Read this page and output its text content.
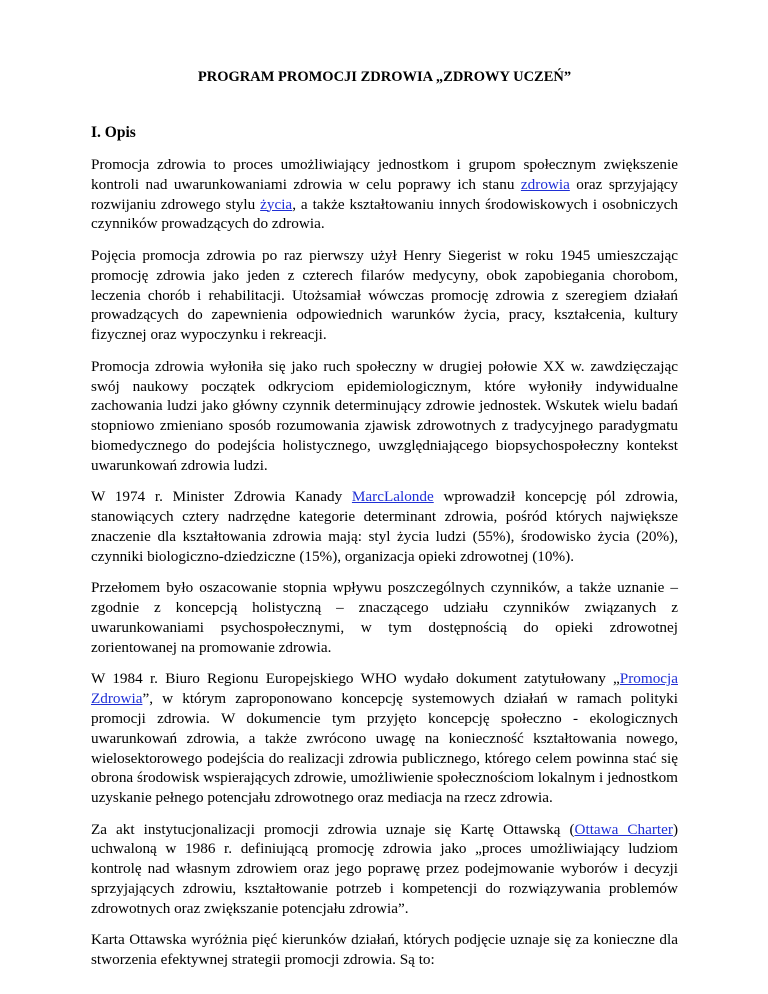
PROGRAM PROMOCJI ZDROWIA „ZDROWY UCZEŃ”
I. Opis

Promocja zdrowia to proces umożliwiający jednostkom i grupom społecznym zwiększenie kontroli nad uwarunkowaniami zdrowia w celu poprawy ich stanu zdrowia oraz sprzyjający rozwijaniu zdrowego stylu życia, a także kształtowaniu innych środowiskowych i osobniczych czynników prowadzących do zdrowia.

Pojęcia promocja zdrowia po raz pierwszy użył Henry Siegerist w roku 1945 umieszczając promocję zdrowia jako jeden z czterech filarów medycyny, obok zapobiegania chorobom, leczenia chorób i rehabilitacji. Utożsamiał wówczas promocję zdrowia z szeregiem działań prowadzących do zapewnienia odpowiednich warunków życia, pracy, kształcenia, kultury fizycznej oraz wypoczynku i rekreacji.

Promocja zdrowia wyłoniła się jako ruch społeczny w drugiej połowie XX w. zawdzięczając swój naukowy początek odkryciom epidemiologicznym, które wyłoniły indywidualne zachowania ludzi jako główny czynnik determinujący zdrowie jednostek. Wskutek wielu badań stopniowo zmieniano sposób rozumowania zjawisk zdrowotnych z tradycyjnego paradygmatu biomedycznego do podejścia holistycznego, uwzględniającego biopsychospołeczny kontekst uwarunkowań zdrowia ludzi.

W 1974 r. Minister Zdrowia Kanady MarcLalonde wprowadził koncepcję pól zdrowia, stanowiących cztery nadrzędne kategorie determinant zdrowia, pośród których największe znaczenie dla kształtowania zdrowia mają: styl życia ludzi (55%), środowisko życia (20%), czynniki biologiczno-dziedziczne (15%), organizacja opieki zdrowotnej (10%).

Przełomem było oszacowanie stopnia wpływu poszczególnych czynników, a także uznanie – zgodnie z koncepcją holistyczną – znaczącego udziału czynników związanych z uwarunkowaniami psychospołecznymi, w tym dostępnością do opieki zdrowotnej zorientowanej na promowanie zdrowia.

W 1984 r. Biuro Regionu Europejskiego WHO wydało dokument zatytułowany „Promocja Zdrowia”, w którym zaproponowano koncepcję systemowych działań w ramach polityki promocji zdrowia. W dokumencie tym przyjęto koncepcję społeczno - ekologicznych uwarunkowań zdrowia, a także zwrócono uwagę na konieczność kształtowania nowego, wielosektorowego podejścia do realizacji zdrowia publicznego, którego celem powinna stać się obrona środowisk wspierających zdrowie, umożliwienie społecznościom lokalnym i jednostkom uzyskanie pełnego potencjału zdrowotnego oraz mediacja na rzecz zdrowia.

Za akt instytucjonalizacji promocji zdrowia uznaje się Kartę Ottawską (Ottawa Charter) uchwaloną w 1986 r. definiującą promocję zdrowia jako „proces umożliwiający ludziom kontrolę nad własnym zdrowiem oraz jego poprawę przez podejmowanie wyborów i decyzji sprzyjających zdrowiu, kształtowanie potrzeb i kompetencji do rozwiązywania problemów zdrowotnych oraz zwiększanie potencjału zdrowia”.

Karta Ottawska wyróżnia pięć kierunków działań, których podjęcie uznaje się za konieczne dla stworzenia efektywnej strategii promocji zdrowia. Są to:
